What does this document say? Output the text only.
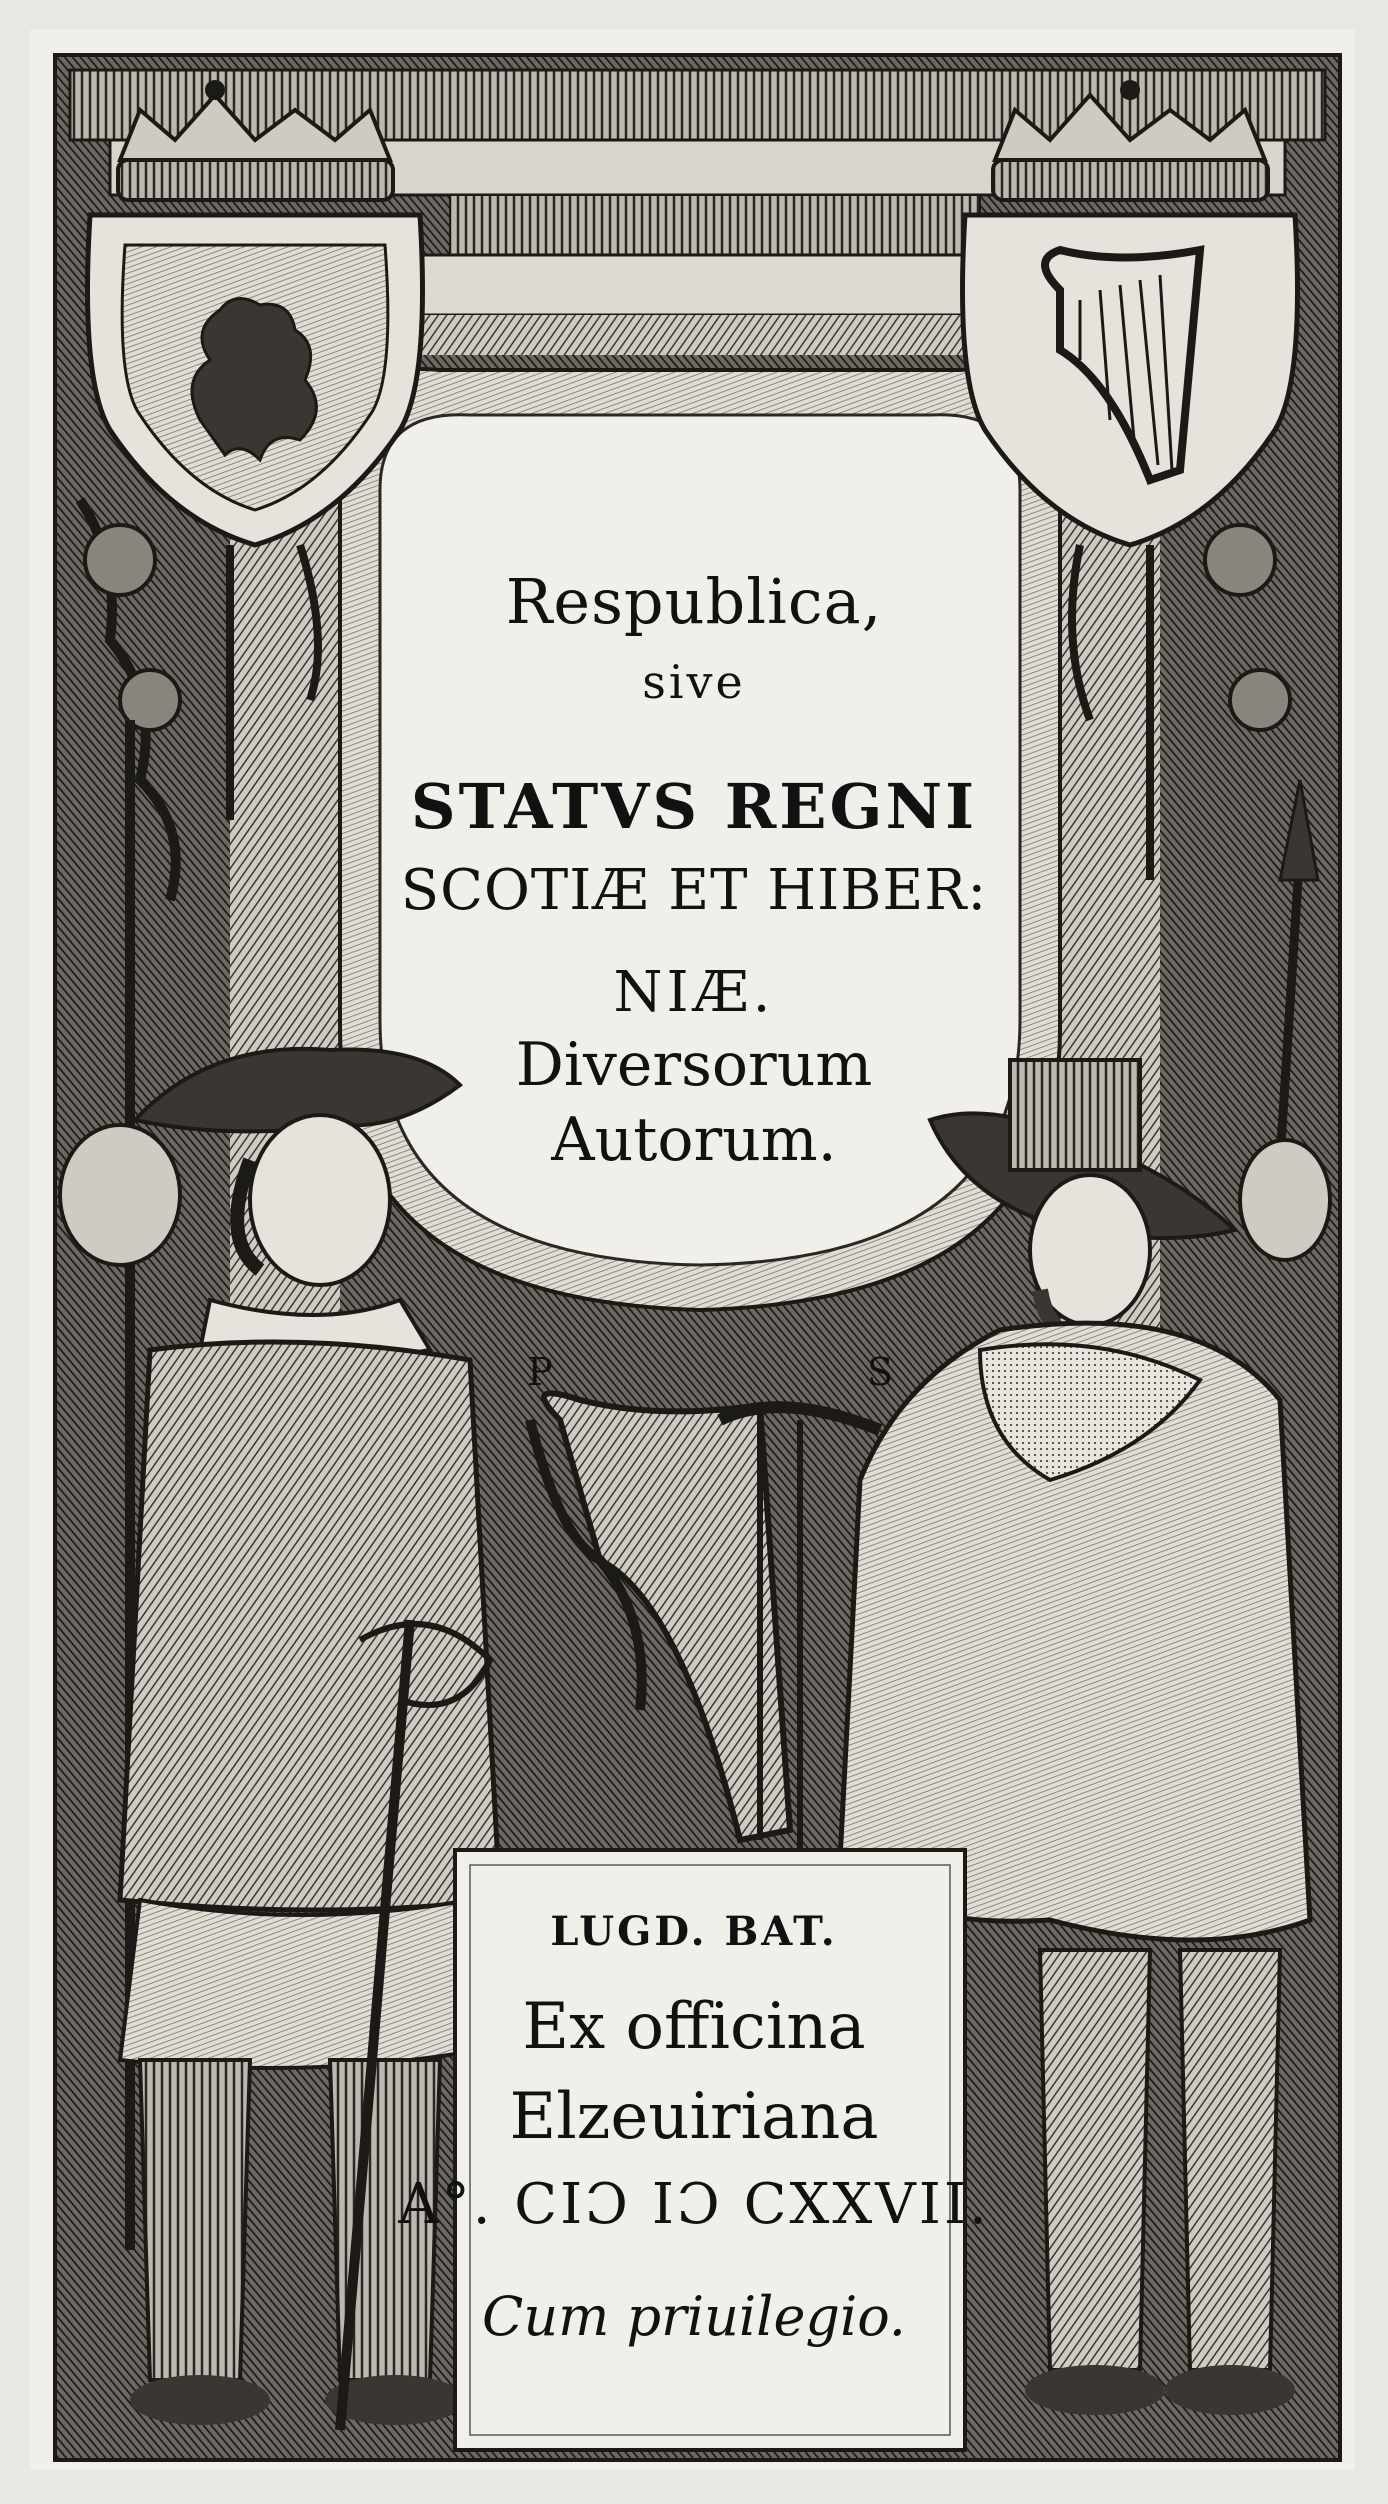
Respublica,
sive
STATVS REGNI
SCOTIÆ ET HIBER:
NIÆ.
Diversorum
Autorum.
P	S
LUGD. BAT.
Ex officina
Elzeuiriana
A°. CIƆ IƆ CXXVII.
Cum priuilegio.
